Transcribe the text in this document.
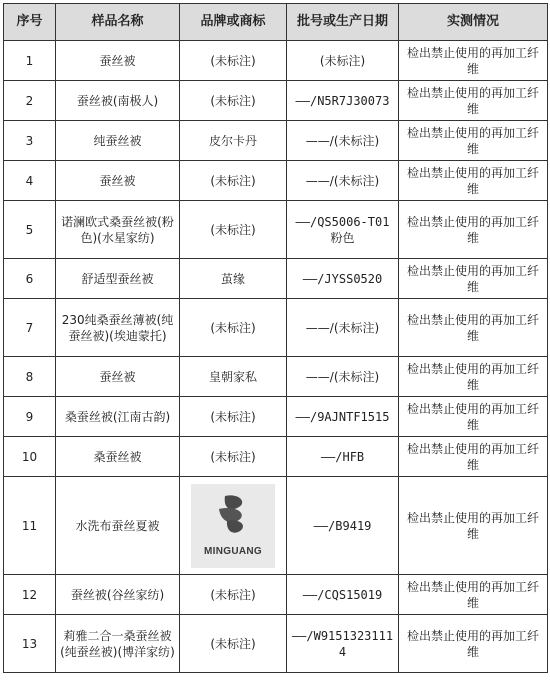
序号	样品名称	品牌或商标	批号或生产日期	实测情况
1	蚕丝被	(未标注)	(未标注)	检出禁止使用的再加工纤维
2	蚕丝被(南极人)	(未标注)	——/N5R7J30073	检出禁止使用的再加工纤维
3	纯蚕丝被	皮尔卡丹	——/(未标注)	检出禁止使用的再加工纤维
4	蚕丝被	(未标注)	——/(未标注)	检出禁止使用的再加工纤维
5	诺澜欧式桑蚕丝被(粉色)(水星家纺)	(未标注)	——/QS5006-T01粉色	检出禁止使用的再加工纤维
6	舒适型蚕丝被	茧缘	——/JYSS0520	检出禁止使用的再加工纤维
7	230纯桑蚕丝薄被(纯蚕丝被)(埃迪蒙托)	(未标注)	——/(未标注)	检出禁止使用的再加工纤维
8	蚕丝被	皇朝家私	——/(未标注)	检出禁止使用的再加工纤维
9	桑蚕丝被(江南古韵)	(未标注)	——/9AJNTF1515	检出禁止使用的再加工纤维
10	桑蚕丝被	(未标注)	——/HFB	检出禁止使用的再加工纤维
11	水洗布蚕丝夏被	MINGUANG	——/B9419	检出禁止使用的再加工纤维
12	蚕丝被(谷丝家纺)	(未标注)	——/CQS15019	检出禁止使用的再加工纤维
13	莉雅二合一桑蚕丝被(纯蚕丝被)(博洋家纺)	(未标注)	——/W91513231114	检出禁止使用的再加工纤维
